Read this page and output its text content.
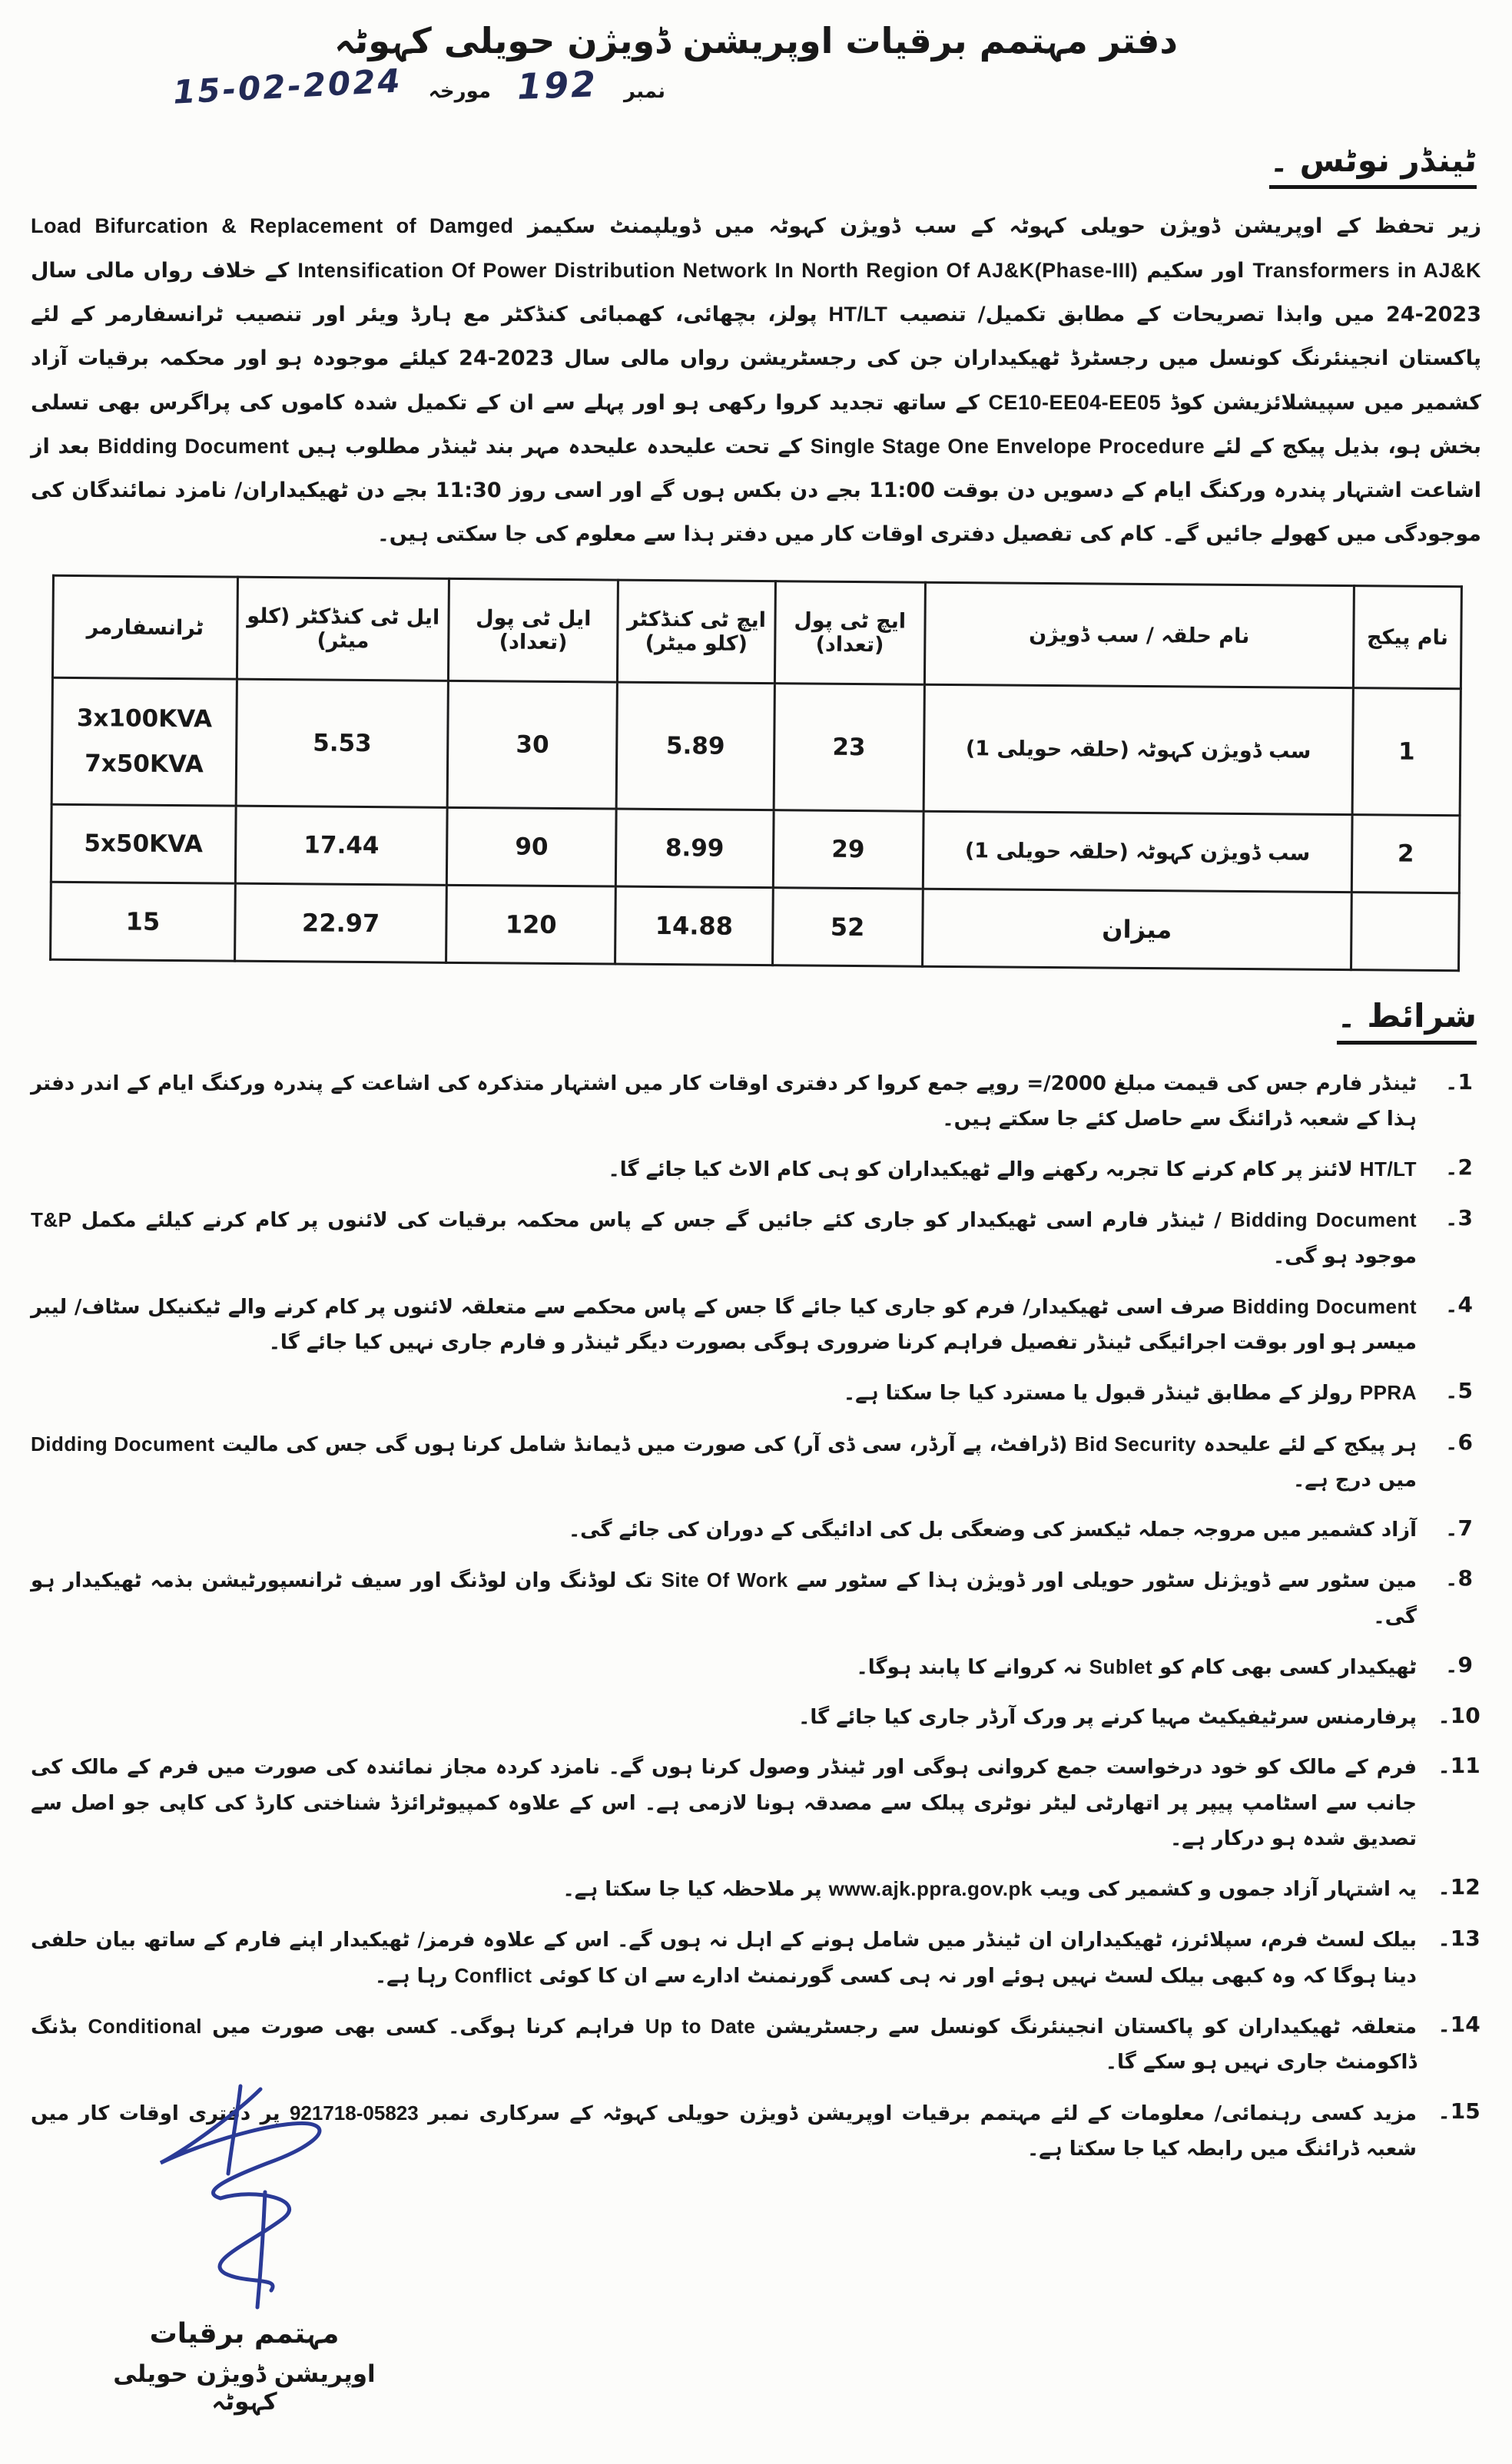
دفتر مہتمم برقیات اوپریشن ڈویژن حویلی کہوٹہ
15-02-2024 مورخہ 192 نمبر
ٹینڈر نوٹس ۔

زیر تحفظ کے اوپریشن ڈویژن حویلی کہوٹہ کے سب ڈویژن کہوٹہ میں ڈویلپمنٹ سکیمز Load Bifurcation & Replacement of Damged Transformers in AJ&K اور سکیم Intensification Of Power Distribution Network In North Region Of AJ&K(Phase-III) کے خلاف رواں مالی سال 2023-24 میں وابذا تصریحات کے مطابق تکمیل/ تنصیب HT/LT پولز، بچھائی، کھمبائی کنڈکٹر مع ہارڈ ویئر اور تنصیب ٹرانسفارمر کے لئے پاکستان انجینئرنگ کونسل میں رجسٹرڈ ٹھیکیداران جن کی رجسٹریشن رواں مالی سال 2023-24 کیلئے موجودہ ہو اور محکمہ برقیات آزاد کشمیر میں سپیشلائزیشن کوڈ CE10-EE04-EE05 کے ساتھ تجدید کروا رکھی ہو اور پہلے سے ان کے تکمیل شدہ کاموں کی پراگرس بھی تسلی بخش ہو، بذیل پیکج کے لئے Single Stage One Envelope Procedure کے تحت علیحدہ علیحدہ مہر بند ٹینڈر مطلوب ہیں Bidding Document بعد از اشاعت اشتہار پندرہ ورکنگ ایام کے دسویں دن بوقت 11:00 بجے دن بکس ہوں گے اور اسی روز 11:30 بجے دن ٹھیکیداران/ نامزد نمائندگان کی موجودگی میں کھولے جائیں گے۔ کام کی تفصیل دفتری اوقات کار میں دفتر ہذا سے معلوم کی جا سکتی ہیں۔

نام پیکج	نام حلقہ / سب ڈویژن	ایچ ٹی پول (تعداد)	ایچ ٹی کنڈکٹر (کلو میٹر)	ایل ٹی پول (تعداد)	ایل ٹی کنڈکٹر (کلو میٹر)	ٹرانسفارمر
1	سب ڈویژن کہوٹہ (حلقہ حویلی 1)	23	5.89	30	5.53	3x100KVA
7x50KVA

2	سب ڈویژن کہوٹہ (حلقہ حویلی 1)	29	8.99	90	17.44	5x50KVA
	میزان	52	14.88	120	22.97	15
شرائط ۔
1۔
ٹینڈر فارم جس کی قیمت مبلغ 2000/= روپے جمع کروا کر دفتری اوقات کار میں اشتہار متذکرہ کی اشاعت کے پندرہ ورکنگ ایام کے اندر دفتر ہذا کے شعبہ ڈرائنگ سے حاصل کئے جا سکتے ہیں۔
2۔
HT/LT لائنز پر کام کرنے کا تجربہ رکھنے والے ٹھیکیداران کو ہی کام الاٹ کیا جائے گا۔
3۔
Bidding Document / ٹینڈر فارم اسی ٹھیکیدار کو جاری کئے جائیں گے جس کے پاس محکمہ برقیات کی لائنوں پر کام کرنے کیلئے مکمل T&P موجود ہو گی۔
4۔
Bidding Document صرف اسی ٹھیکیدار/ فرم کو جاری کیا جائے گا جس کے پاس محکمے سے متعلقہ لائنوں پر کام کرنے والے ٹیکنیکل سٹاف/ لیبر میسر ہو اور بوقت اجرائیگی ٹینڈر تفصیل فراہم کرنا ضروری ہوگی بصورت دیگر ٹینڈر و فارم جاری نہیں کیا جائے گا۔
5۔
PPRA رولز کے مطابق ٹینڈر قبول یا مسترد کیا جا سکتا ہے۔
6۔
ہر پیکج کے لئے علیحدہ Bid Security (ڈرافٹ، پے آرڈر، سی ڈی آر) کی صورت میں ڈیمانڈ شامل کرنا ہوں گی جس کی مالیت Didding Document میں درج ہے۔
7۔
آزاد کشمیر میں مروجہ جملہ ٹیکسز کی وضعگی بل کی ادائیگی کے دوران کی جائے گی۔
8۔
مین سٹور سے ڈویژنل سٹور حویلی اور ڈویژن ہذا کے سٹور سے Site Of Work تک لوڈنگ وان لوڈنگ اور سیف ٹرانسپورٹیشن بذمہ ٹھیکیدار ہو گی۔
9۔
ٹھیکیدار کسی بھی کام کو Sublet نہ کروانے کا پابند ہوگا۔
10۔
پرفارمنس سرٹیفیکیٹ مہیا کرنے پر ورک آرڈر جاری کیا جائے گا۔
11۔
فرم کے مالک کو خود درخواست جمع کروانی ہوگی اور ٹینڈر وصول کرنا ہوں گے۔ نامزد کردہ مجاز نمائندہ کی صورت میں فرم کے مالک کی جانب سے اسٹامپ پیپر پر اتھارٹی لیٹر نوٹری پبلک سے مصدقہ ہونا لازمی ہے۔ اس کے علاوہ کمپیوٹرائزڈ شناختی کارڈ کی کاپی جو اصل سے تصدیق شدہ ہو درکار ہے۔
12۔
یہ اشتہار آزاد جموں و کشمیر کی ویب www.ajk.ppra.gov.pk پر ملاحظہ کیا جا سکتا ہے۔
13۔
بیلک لسٹ فرم، سپلائرز، ٹھیکیداران ان ٹینڈر میں شامل ہونے کے اہل نہ ہوں گے۔ اس کے علاوہ فرمز/ ٹھیکیدار اپنے فارم کے ساتھ بیان حلفی دینا ہوگا کہ وہ کبھی بیلک لسٹ نہیں ہوئے اور نہ ہی کسی گورنمنٹ ادارے سے ان کا کوئی Conflict رہا ہے۔
14۔
متعلقہ ٹھیکیداران کو پاکستان انجینئرنگ کونسل سے رجسٹریشن Up to Date فراہم کرنا ہوگی۔ کسی بھی صورت میں Conditional بڈنگ ڈاکومنٹ جاری نہیں ہو سکے گا۔
15۔
مزید کسی رہنمائی/ معلومات کے لئے مہتمم برقیات اوپریشن ڈویژن حویلی کہوٹہ کے سرکاری نمبر 05823-921718 پر دفتری اوقات کار میں شعبہ ڈرائنگ میں رابطہ کیا جا سکتا ہے۔
مہتمم برقیات
اوپریشن ڈویژن حویلی کہوٹہ
